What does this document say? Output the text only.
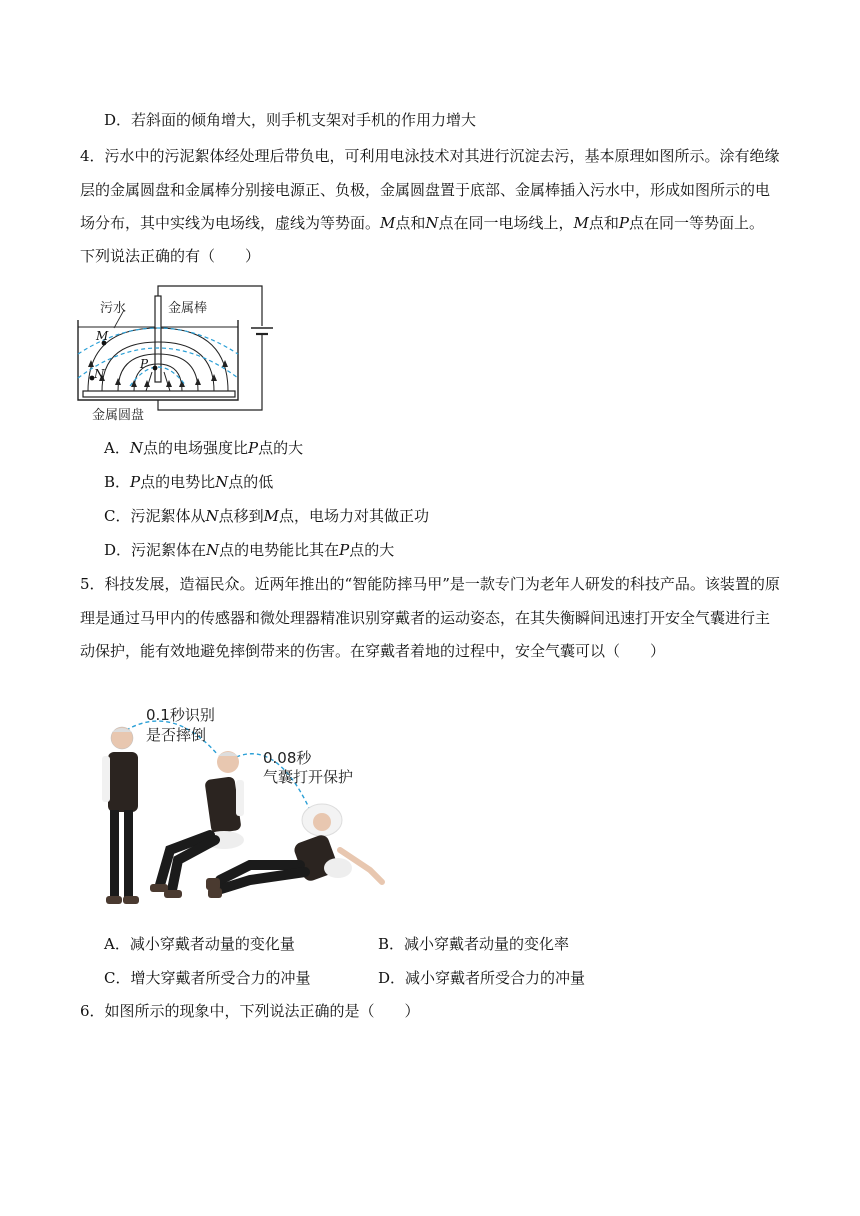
D．若斜面的倾角增大，则手机支架对手机的作用力增大
4．污水中的污泥絮体经处理后带负电，可利用电泳技术对其进行沉淀去污，基本原理如图所示。涂有绝缘
层的金属圆盘和金属棒分别接电源正、负极，金属圆盘置于底部、金属棒插入污水中，形成如图所示的电
场分布，其中实线为电场线，虚线为等势面。M点和N点在同一电场线上，M点和P点在同一等势面上。
下列说法正确的有（　　）
污水	金属棒
M
N
P
金属圆盘
A．N点的电场强度比P点的大
B．P点的电势比N点的低
C．污泥絮体从N点移到M点，电场力对其做正功
D．污泥絮体在N点的电势能比其在P点的大
5．科技发展，造福民众。近两年推出的“智能防摔马甲”是一款专门为老年人研发的科技产品。该装置的原
理是通过马甲内的传感器和微处理器精准识别穿戴者的运动姿态，在其失衡瞬间迅速打开安全气囊进行主
动保护，能有效地避免摔倒带来的伤害。在穿戴者着地的过程中，安全气囊可以（　　）
0.1秒识别
是否摔倒
0.08秒
气囊打开保护
A．减小穿戴者动量的变化量	B．减小穿戴者动量的变化率
C．增大穿戴者所受合力的冲量	D．减小穿戴者所受合力的冲量
6．如图所示的现象中，下列说法正确的是（　　）
